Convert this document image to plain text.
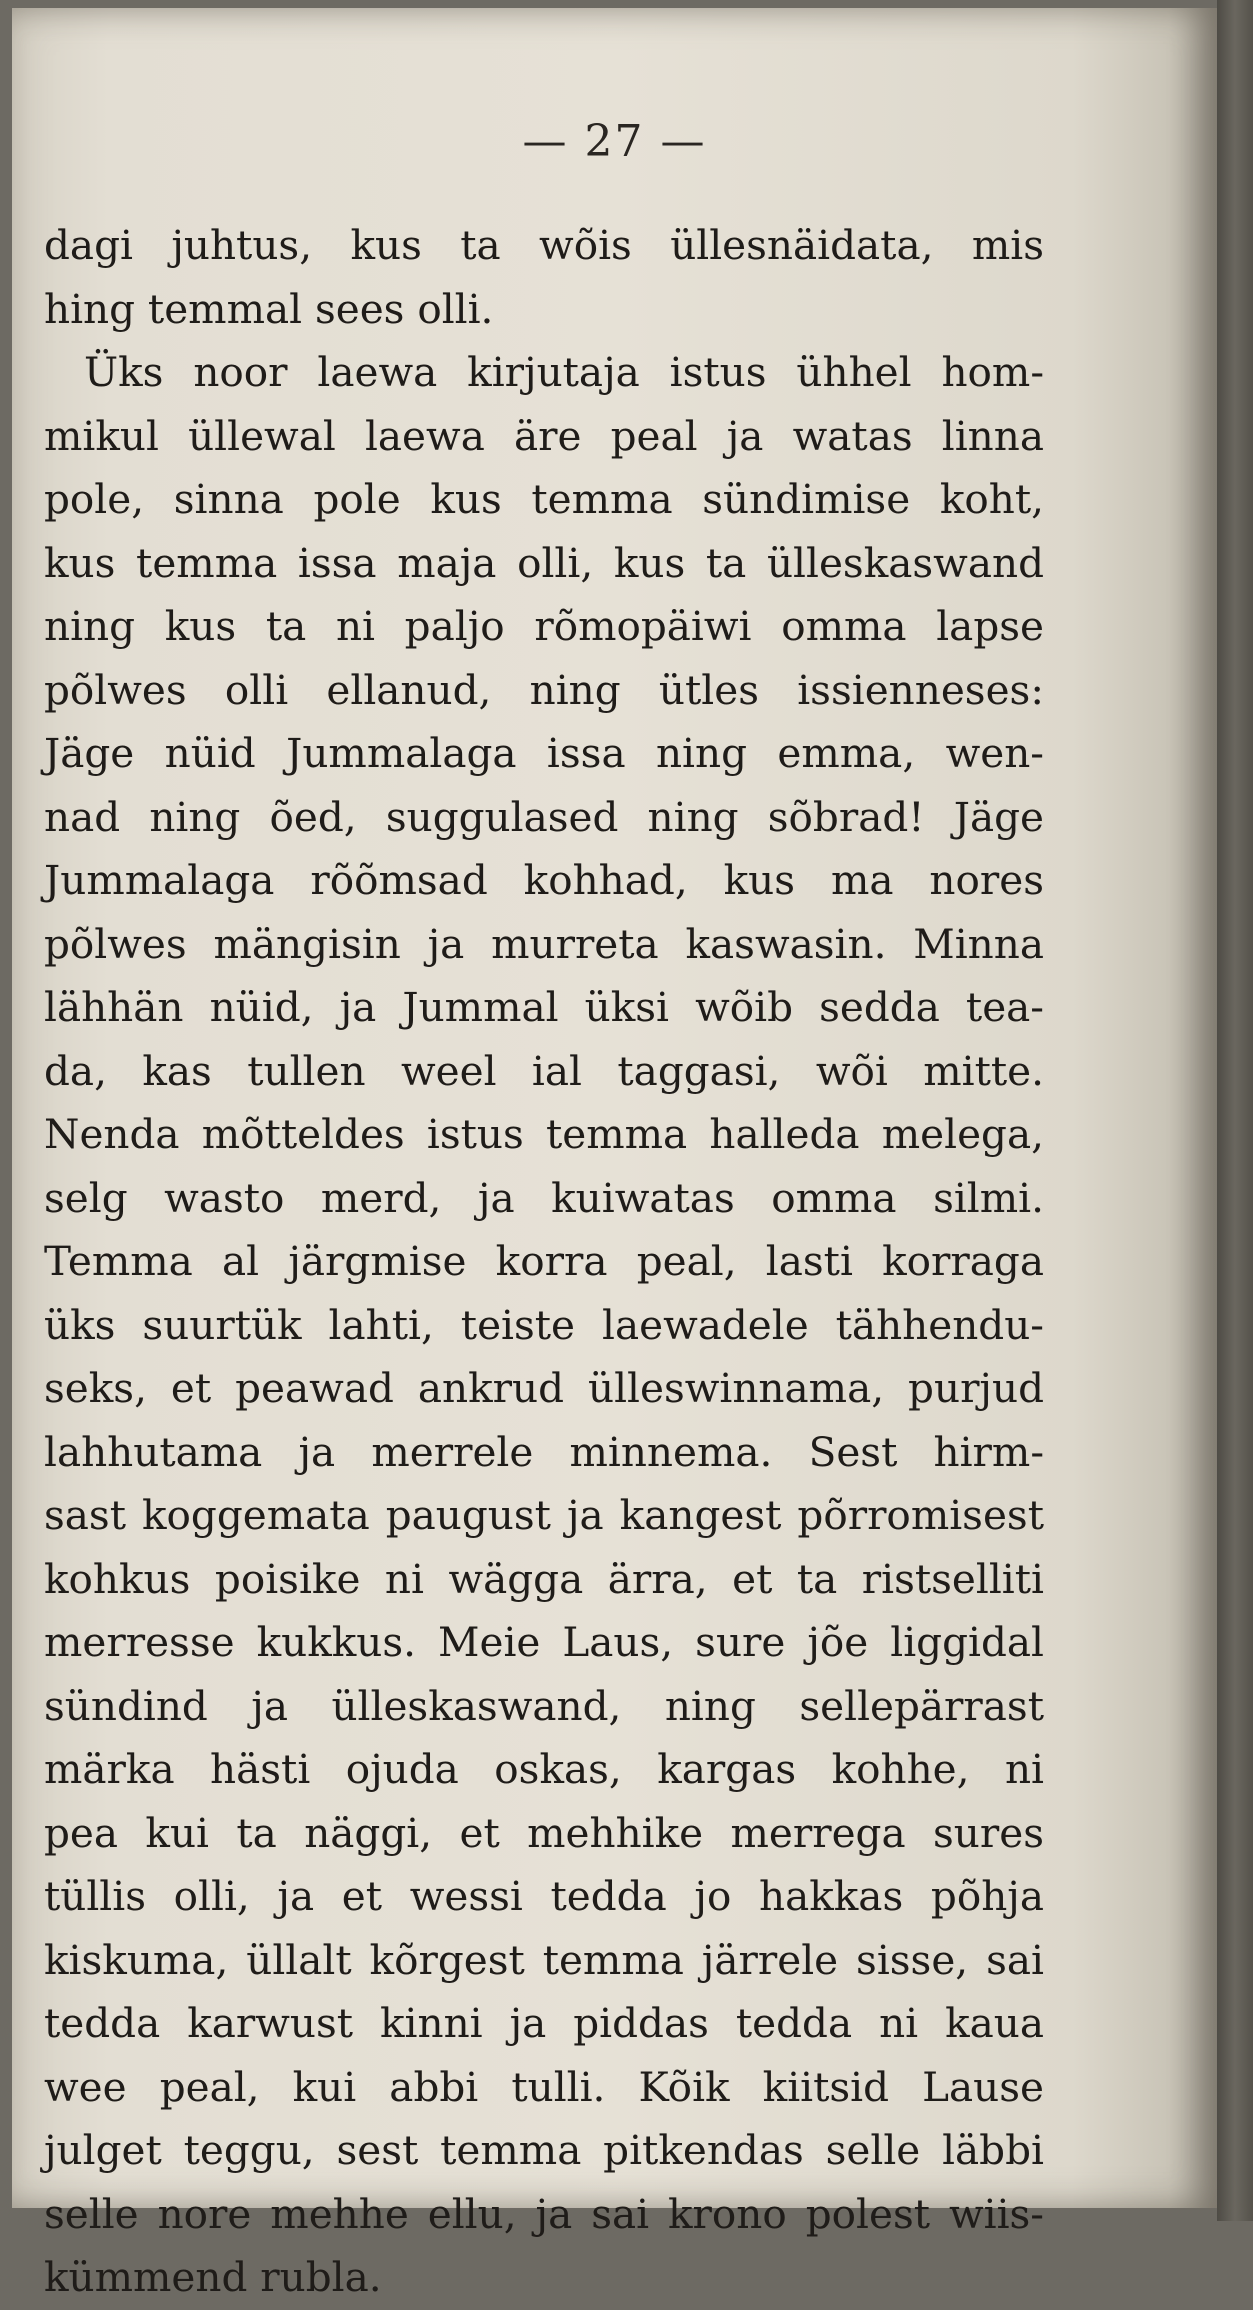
— 27 —
dagi juhtus, kus ta wõis üllesnäidata, mis
hing temmal sees olli.
Üks noor laewa kirjutaja istus ühhel hom-
mikul üllewal laewa äre peal ja watas linna
pole, sinna pole kus temma sündimise koht,
kus temma issa maja olli, kus ta ülleskaswand
ning kus ta ni paljo rõmopäiwi omma lapse
põlwes olli ellanud, ning ütles issienneses:
Jäge nüid Jummalaga issa ning emma, wen-
nad ning õed, suggulased ning sõbrad! Jäge
Jummalaga rõõmsad kohhad, kus ma nores
põlwes mängisin ja murreta kaswasin. Minna
lähhän nüid, ja Jummal üksi wõib sedda tea-
da, kas tullen weel ial taggasi, wõi mitte.
Nenda mõtteldes istus temma halleda melega,
selg wasto merd, ja kuiwatas omma silmi.
Temma al järgmise korra peal, lasti korraga
üks suurtük lahti, teiste laewadele tähhendu-
seks, et peawad ankrud ülleswinnama, purjud
lahhutama ja merrele minnema. Sest hirm-
sast koggemata paugust ja kangest põrromisest
kohkus poisike ni wägga ärra, et ta ristselliti
merresse kukkus. Meie Laus, sure jõe liggidal
sündind ja ülleskaswand, ning sellepärrast
märka hästi ojuda oskas, kargas kohhe, ni
pea kui ta näggi, et mehhike merrega sures
tüllis olli, ja et wessi tedda jo hakkas põhja
kiskuma, üllalt kõrgest temma järrele sisse, sai
tedda karwust kinni ja piddas tedda ni kaua
wee peal, kui abbi tulli. Kõik kiitsid Lause
julget teggu, sest temma pitkendas selle läbbi
selle nore mehhe ellu, ja sai krono polest wiis-
kümmend rubla.
